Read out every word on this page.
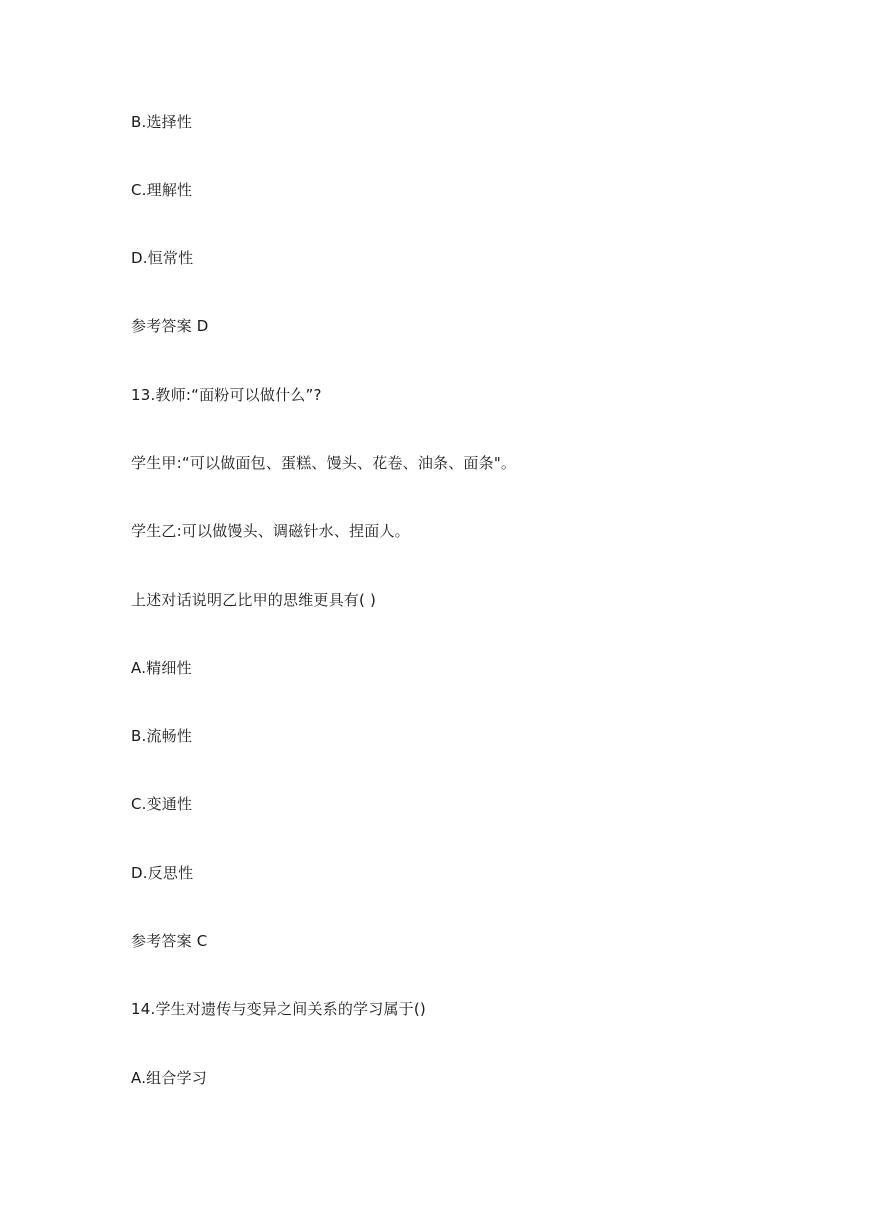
B.选择性
C.理解性
D.恒常性
参考答案 D
13.教师:“面粉可以做什么”?
学生甲:“可以做面包、蛋糕、馒头、花卷、油条、面条"。
学生乙:可以做馒头、调磁针水、捏面人。
上述对话说明乙比甲的思维更具有( )
A.精细性
B.流畅性
C.变通性
D.反思性
参考答案 C
14.学生对遗传与变异之间关系的学习属于()
A.组合学习
